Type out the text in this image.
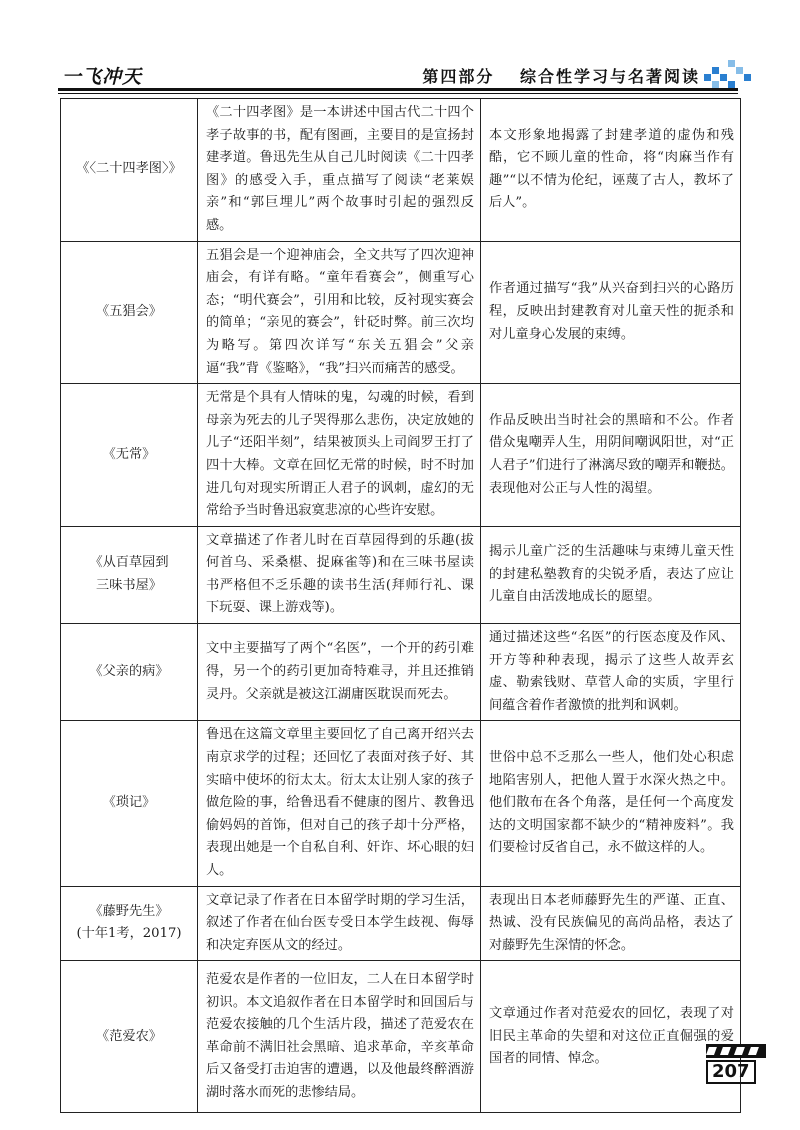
一飞冲天	第四部分 综合性学习与名著阅读
《〈二十四孝图〉》	《二十四孝图》是一本讲述中国古代二十四个孝子故事的书，配有图画，主要目的是宣扬封建孝道。鲁迅先生从自己儿时阅读《二十四孝图》的感受入手，重点描写了阅读“老莱娱亲”和“郭巨埋儿”两个故事时引起的强烈反感。	本文形象地揭露了封建孝道的虚伪和残酷，它不顾儿童的性命，将“肉麻当作有趣”“以不情为伦纪，诬蔑了古人，教坏了后人”。

《五猖会》	五猖会是一个迎神庙会，全文共写了四次迎神庙会，有详有略。“童年看赛会”，侧重写心态；“明代赛会”，引用和比较，反衬现实赛会的简单；“亲见的赛会”，针砭时弊。前三次均为略写。第四次详写“东关五猖会”父亲逼“我”背《鉴略》，“我”扫兴而痛苦的感受。	作者通过描写“我”从兴奋到扫兴的心路历程，反映出封建教育对儿童天性的扼杀和对儿童身心发展的束缚。

《无常》	无常是个具有人情味的鬼，勾魂的时候，看到母亲为死去的儿子哭得那么悲伤，决定放她的儿子“还阳半刻”，结果被顶头上司阎罗王打了四十大棒。文章在回忆无常的时候，时不时加进几句对现实所谓正人君子的讽刺，虚幻的无常给予当时鲁迅寂寞悲凉的心些许安慰。	作品反映出当时社会的黑暗和不公。作者借众鬼嘲弄人生，用阴间嘲讽阳世，对“正人君子”们进行了淋漓尽致的嘲弄和鞭挞。表现他对公正与人性的渴望。

《从百草园到
三味书屋》	文章描述了作者儿时在百草园得到的乐趣(拔何首乌、采桑椹、捉麻雀等)和在三味书屋读书严格但不乏乐趣的读书生活(拜师行礼、课下玩耍、课上游戏等)。	揭示儿童广泛的生活趣味与束缚儿童天性的封建私塾教育的尖锐矛盾，表达了应让儿童自由活泼地成长的愿望。

《父亲的病》	文中主要描写了两个“名医”，一个开的药引难得，另一个的药引更加奇特难寻，并且还推销灵丹。父亲就是被这江湖庸医耽误而死去。	通过描述这些“名医”的行医态度及作风、开方等种种表现，揭示了这些人故弄玄虚、勒索钱财、草菅人命的实质，字里行间蕴含着作者激愤的批判和讽刺。

《琐记》	鲁迅在这篇文章里主要回忆了自己离开绍兴去南京求学的过程；还回忆了表面对孩子好、其实暗中使坏的衍太太。衍太太让别人家的孩子做危险的事，给鲁迅看不健康的图片、教鲁迅偷妈妈的首饰，但对自己的孩子却十分严格，表现出她是一个自私自利、奸诈、坏心眼的妇人。	世俗中总不乏那么一些人，他们处心积虑地陷害别人，把他人置于水深火热之中。他们散布在各个角落，是任何一个高度发达的文明国家都不缺少的“精神废料”。我们要检讨反省自己，永不做这样的人。

《藤野先生》
(十年1考，2017)	文章记录了作者在日本留学时期的学习生活，叙述了作者在仙台医专受日本学生歧视、侮辱和决定弃医从文的经过。	表现出日本老师藤野先生的严谨、正直、热诚、没有民族偏见的高尚品格，表达了对藤野先生深情的怀念。

《范爱农》	范爱农是作者的一位旧友，二人在日本留学时初识。本文追叙作者在日本留学时和回国后与范爱农接触的几个生活片段，描述了范爱农在革命前不满旧社会黑暗、追求革命，辛亥革命后又备受打击迫害的遭遇，以及他最终醉酒游湖时落水而死的悲惨结局。	文章通过作者对范爱农的回忆，表现了对旧民主革命的失望和对这位正直倔强的爱国者的同情、悼念。
207
